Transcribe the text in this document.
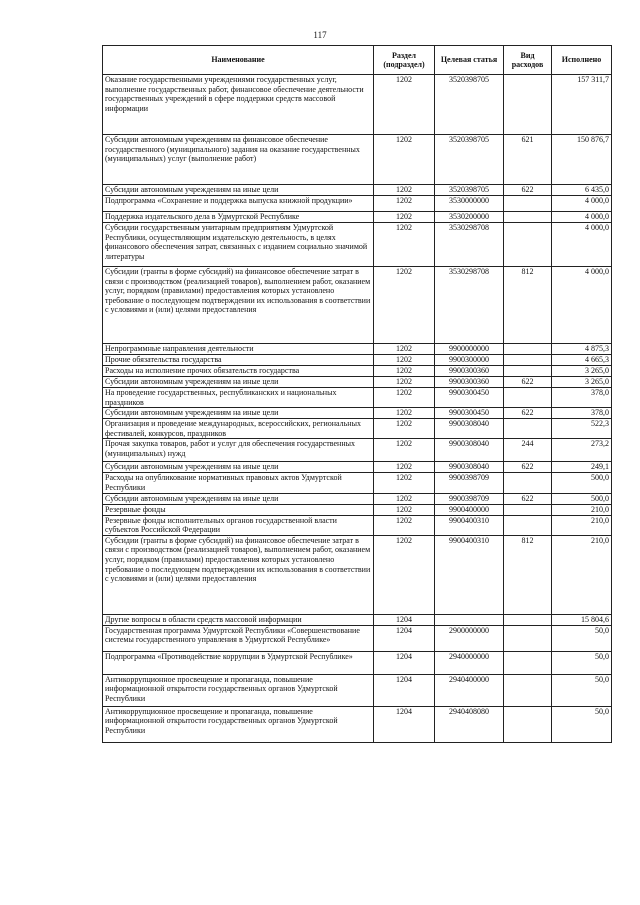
117
Наименование	Раздел (подраздел)	Целевая статья	Вид расходов	Исполнено
Оказание государственными учреждениями государственных услуг, выполнение государственных работ, финансовое обеспечение деятельности государственных учреждений в сфере поддержки средств массовой информации	1202	3520398705		157 311,7
Субсидии автономным учреждениям на финансовое обеспечение государственного (муниципального) задания на оказание государственных (муниципальных) услуг (выполнение работ)	1202	3520398705	621	150 876,7
Субсидии автономным учреждениям на иные цели	1202	3520398705	622	6 435,0
Подпрограмма «Сохранение и поддержка выпуска книжной продукции»	1202	3530000000		4 000,0
Поддержка издательского дела в Удмуртской Республике	1202	3530200000		4 000,0
Субсидии государственным унитарным предприятиям Удмуртской Республики, осуществляющим издательскую деятельность, в целях финансового обеспечения затрат, связанных с изданием социально значимой литературы	1202	3530298708		4 000,0
Субсидии (гранты в форме субсидий) на финансовое обеспечение затрат в связи с производством (реализацией товаров), выполнением работ, оказанием услуг, порядком (правилами) предоставления которых установлено требование о последующем подтверждении их использования в соответствии с условиями и (или) целями предоставления	1202	3530298708	812	4 000,0
Непрограммные направления деятельности	1202	9900000000		4 875,3
Прочие обязательства государства	1202	9900300000		4 665,3
Расходы на исполнение прочих обязательств государства	1202	9900300360		3 265,0
Субсидии автономным учреждениям на иные цели	1202	9900300360	622	3 265,0
На проведение государственных, республиканских и национальных праздников	1202	9900300450		378,0
Субсидии автономным учреждениям на иные цели	1202	9900300450	622	378,0
Организация и проведение международных, всероссийских, региональных фестивалей, конкурсов, праздников	1202	9900308040		522,3
Прочая закупка товаров, работ и услуг для обеспечения государственных (муниципальных) нужд	1202	9900308040	244	273,2
Субсидии автономным учреждениям на иные цели	1202	9900308040	622	249,1
Расходы на опубликование нормативных правовых актов Удмуртской Республики	1202	9900398709		500,0
Субсидии автономным учреждениям на иные цели	1202	9900398709	622	500,0
Резервные фонды	1202	9900400000		210,0
Резервные фонды исполнительных органов государственной власти субъектов Российской Федерации	1202	9900400310		210,0
Субсидии (гранты в форме субсидий) на финансовое обеспечение затрат в связи с производством (реализацией товаров), выполнением работ, оказанием услуг, порядком (правилами) предоставления которых установлено требование о последующем подтверждении их использования в соответствии с условиями и (или) целями предоставления	1202	9900400310	812	210,0
Другие вопросы в области средств массовой информации	1204			15 804,6
Государственная программа Удмуртской Республики «Совершенствование системы государственного управления в Удмуртской Республике»	1204	2900000000		50,0
Подпрограмма «Противодействие коррупции в Удмуртской Республике»	1204	2940000000		50,0
Антикоррупционное просвещение и пропаганда, повышение информационной открытости государственных органов Удмуртской Республики	1204	2940400000		50,0
Антикоррупционное просвещение и пропаганда, повышение информационной открытости государственных органов Удмуртской Республики	1204	2940408080		50,0
